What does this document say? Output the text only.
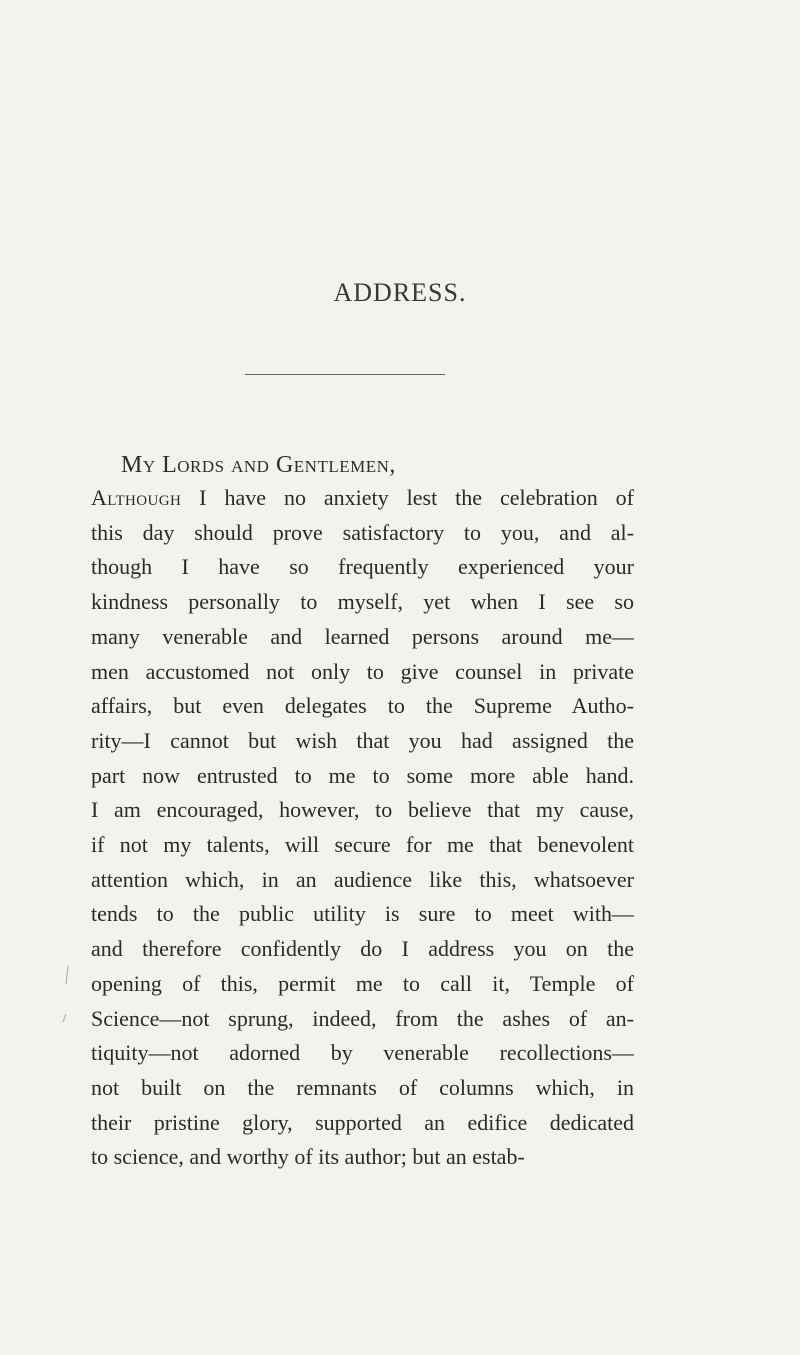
ADDRESS.
My Lords and Gentlemen,
Although I have no anxiety lest the celebration of
this day should prove satisfactory to you, and al-
though I have so frequently experienced your
kindness personally to myself, yet when I see so
many venerable and learned persons around me—
men accustomed not only to give counsel in private
affairs, but even delegates to the Supreme Autho-
rity—I cannot but wish that you had assigned the
part now entrusted to me to some more able hand.
I am encouraged, however, to believe that my cause,
if not my talents, will secure for me that benevolent
attention which, in an audience like this, whatsoever
tends to the public utility is sure to meet with—
and therefore confidently do I address you on the
opening of this, permit me to call it, Temple of
Science—not sprung, indeed, from the ashes of an-
tiquity—not adorned by venerable recollections—
not built on the remnants of columns which, in
their pristine glory, supported an edifice dedicated
to science, and worthy of its author; but an estab-
